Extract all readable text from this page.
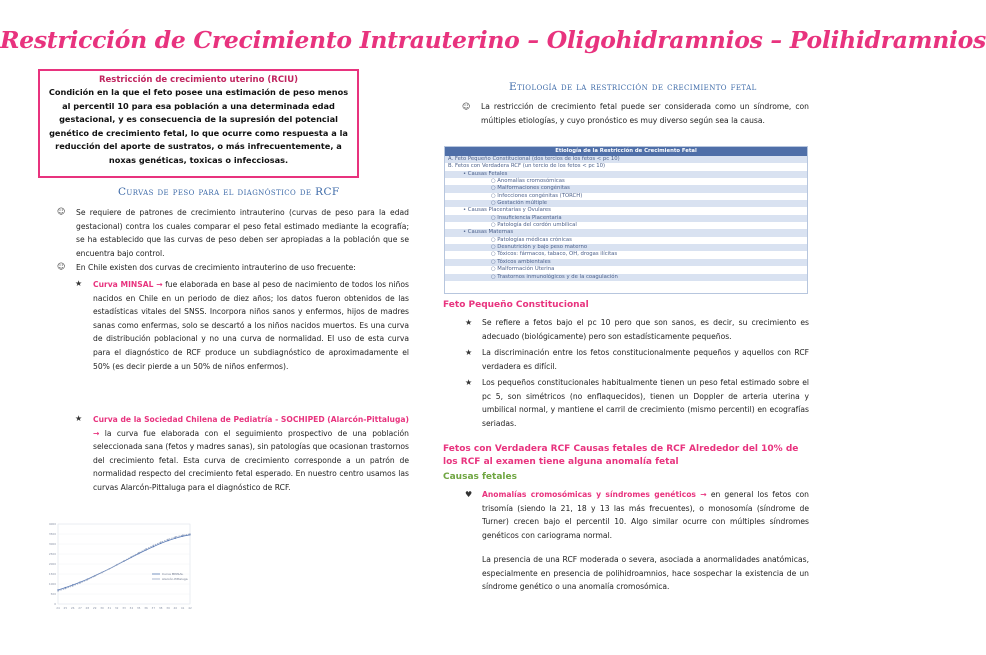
Restricción de Crecimiento Intrauterino – Oligohidramnios – Polihidramnios
Restricción de crecimiento uterino (RCIU)
Condición en la que el feto posee una estimación de peso menos al percentil 10 para esa población a una determinada edad gestacional, y es consecuencia de la supresión del potencial genético de crecimiento fetal, lo que ocurre como respuesta a la reducción del aporte de sustratos, o más infrecuentemente, a noxas genéticas, toxicas o infecciosas.
Curvas de peso para el diagnóstico de RCF
☺ Se requiere de patrones de crecimiento intrauterino (curvas de peso para la edad gestacional) contra los cuales comparar el peso fetal estimado mediante la ecografía; se ha establecido que las curvas de peso deben ser apropiadas a la población que se encuentra bajo control.
☺ En Chile existen dos curvas de crecimiento intrauterino de uso frecuente:
★ Curva MINSAL → fue elaborada en base al peso de nacimiento de todos los niños nacidos en Chile en un periodo de diez años; los datos fueron obtenidos de las estadísticas vitales del SNSS. Incorpora niños sanos y enfermos, hijos de madres sanas como enfermas, solo se descartó a los niños nacidos muertos. Es una curva de distribución poblacional y no una curva de normalidad. El uso de esta curva para el diagnóstico de RCF produce un subdiagnóstico de aproximadamente el 50% (es decir pierde a un 50% de niños enfermos).
★ Curva de la Sociedad Chilena de Pediatría - SOCHIPED (Alarcón-Pittaluga) → la curva fue elaborada con el seguimiento prospectivo de una población seleccionada sana (fetos y madres sanas), sin patologías que ocasionan trastornos del crecimiento fetal. Esta curva de crecimiento corresponde a un patrón de normalidad respecto del crecimiento fetal esperado. En nuestro centro usamos las curvas Alarcón-Pittaluga para el diagnóstico de RCF.
0
500
1000
1500
2000
2500
3000
3500
4000
24 25 26 27 28 29 30 31 32 33 34 35 36 37 38 39 40 41 42
Curva MINSAL
Alarcón-Pittaluga
Etiología de la restricción de crecimiento fetal
☺ La restricción de crecimiento fetal puede ser considerada como un síndrome, con múltiples etiologías, y cuyo pronóstico es muy diverso según sea la causa.
Etiología de la Restricción de Crecimiento Fetal
A. Feto Pequeño Constitucional (dos tercios de los fetos < pc 10)
B. Fetos con Verdadera RCF (un tercio de los fetos < pc 10)
• Causas Fetales
○ Anomalías cromosómicas
○ Malformaciones congénitas
○ Infecciones congénitas (TORCH)
○ Gestación múltiple
• Causas Placentarias y Ovulares
○ Insuficiencia Placentaria
○ Patología del cordón umbilical
• Causas Maternas
○ Patologías médicas crónicas
○ Desnutrición y bajo peso materno
○ Tóxicos: fármacos, tabaco, OH, drogas ilícitas
○ Tóxicos ambientales
○ Malformación Uterina
○ Trastornos inmunológicos y de la coagulación
Feto Pequeño Constitucional
★ Se refiere a fetos bajo el pc 10 pero que son sanos, es decir, su crecimiento es adecuado (biológicamente) pero son estadísticamente pequeños.
★ La discriminación entre los fetos constitucionalmente pequeños y aquellos con RCF verdadera es difícil.
★ Los pequeños constitucionales habitualmente tienen un peso fetal estimado sobre el pc 5, son simétricos (no enflaquecidos), tienen un Doppler de arteria uterina y umbilical normal, y mantiene el carril de crecimiento (mismo percentil) en ecografías seriadas.
Fetos con Verdadera RCF Causas fetales de RCF Alrededor del 10% de los RCF al examen tiene alguna anomalía fetal
Causas fetales
♥ Anomalías cromosómicas y síndromes genéticos → en general los fetos con trisomía (siendo la 21, 18 y 13 las más frecuentes), o monosomía (síndrome de Turner) crecen bajo el percentil 10. Algo similar ocurre con múltiples síndromes genéticos con cariograma normal.
La presencia de una RCF moderada o severa, asociada a anormalidades anatómicas, especialmente en presencia de polihidroamnios, hace sospechar la existencia de un síndrome genético o una anomalía cromosómica.
